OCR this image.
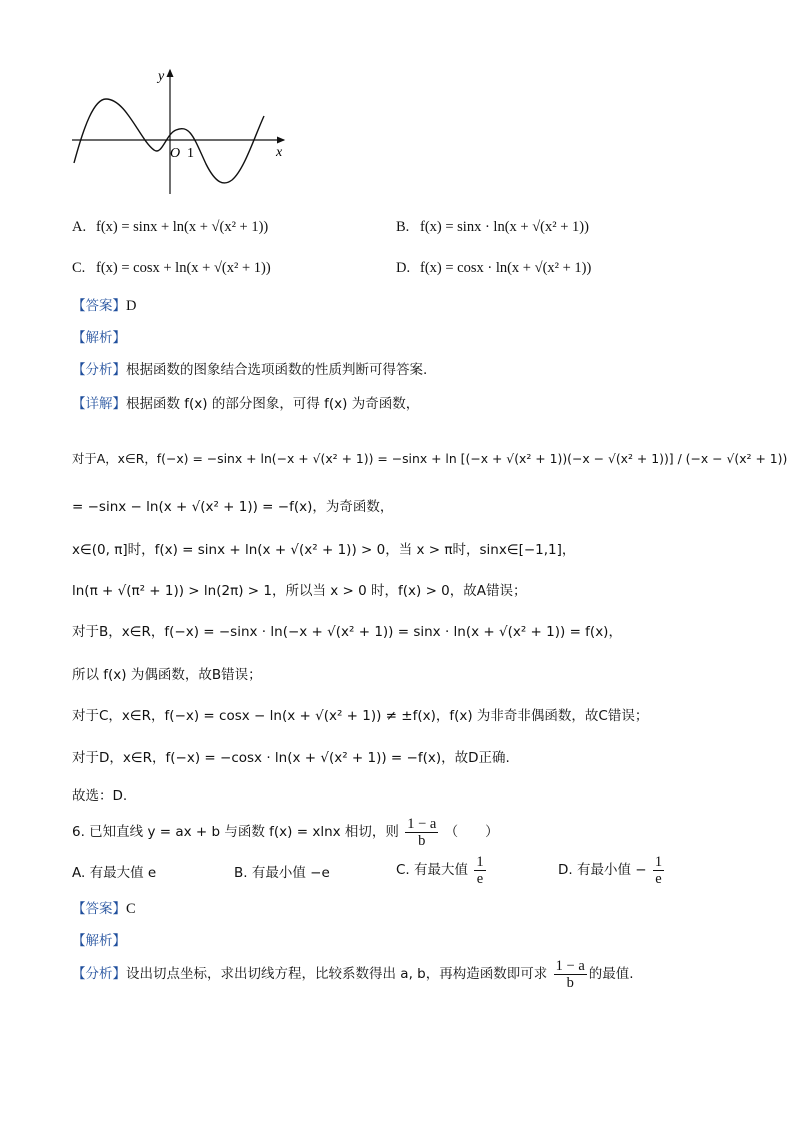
y
x
O 1
A. f(x) = sinx + ln(x + √(x² + 1))	B. f(x) = sinx · ln(x + √(x² + 1))
C. f(x) = cosx + ln(x + √(x² + 1))	D. f(x) = cosx · ln(x + √(x² + 1))
【答案】D
【解析】
【分析】根据函数的图象结合选项函数的性质判断可得答案.
【详解】根据函数 f(x) 的部分图象，可得 f(x) 为奇函数，
对于A，x∈R，f(−x) = −sinx + ln(−x + √(x² + 1)) = −sinx + ln [(−x + √(x² + 1))(−x − √(x² + 1))] / (−x − √(x² + 1))
= −sinx − ln(x + √(x² + 1)) = −f(x)，为奇函数，
x∈(0, π]时，f(x) = sinx + ln(x + √(x² + 1)) > 0，当 x > π时，sinx∈[−1,1]，
ln(π + √(π² + 1)) > ln(2π) > 1，所以当 x > 0 时，f(x) > 0，故A错误；
对于B，x∈R，f(−x) = −sinx · ln(−x + √(x² + 1)) = sinx · ln(x + √(x² + 1)) = f(x)，
所以 f(x) 为偶函数，故B错误；
对于C，x∈R，f(−x) = cosx − ln(x + √(x² + 1)) ≠ ±f(x)，f(x) 为非奇非偶函数，故C错误；
对于D，x∈R，f(−x) = −cosx · ln(x + √(x² + 1)) = −f(x)，故D正确.
故选：D.
6. 已知直线 y = ax + b 与函数 f(x) = xlnx 相切，则 $\frac{1 - a}{b}$ （　　）
A. 有最大值 e	B. 有最小值 −e	C. 有最大值 $\frac{1}{e}$	D. 有最小值 − $\frac{1}{e}$
【答案】C
【解析】
【分析】设出切点坐标，求出切线方程，比较系数得出 a, b，再构造函数即可求 $\frac{1 - a}{b}$ 的最值.
